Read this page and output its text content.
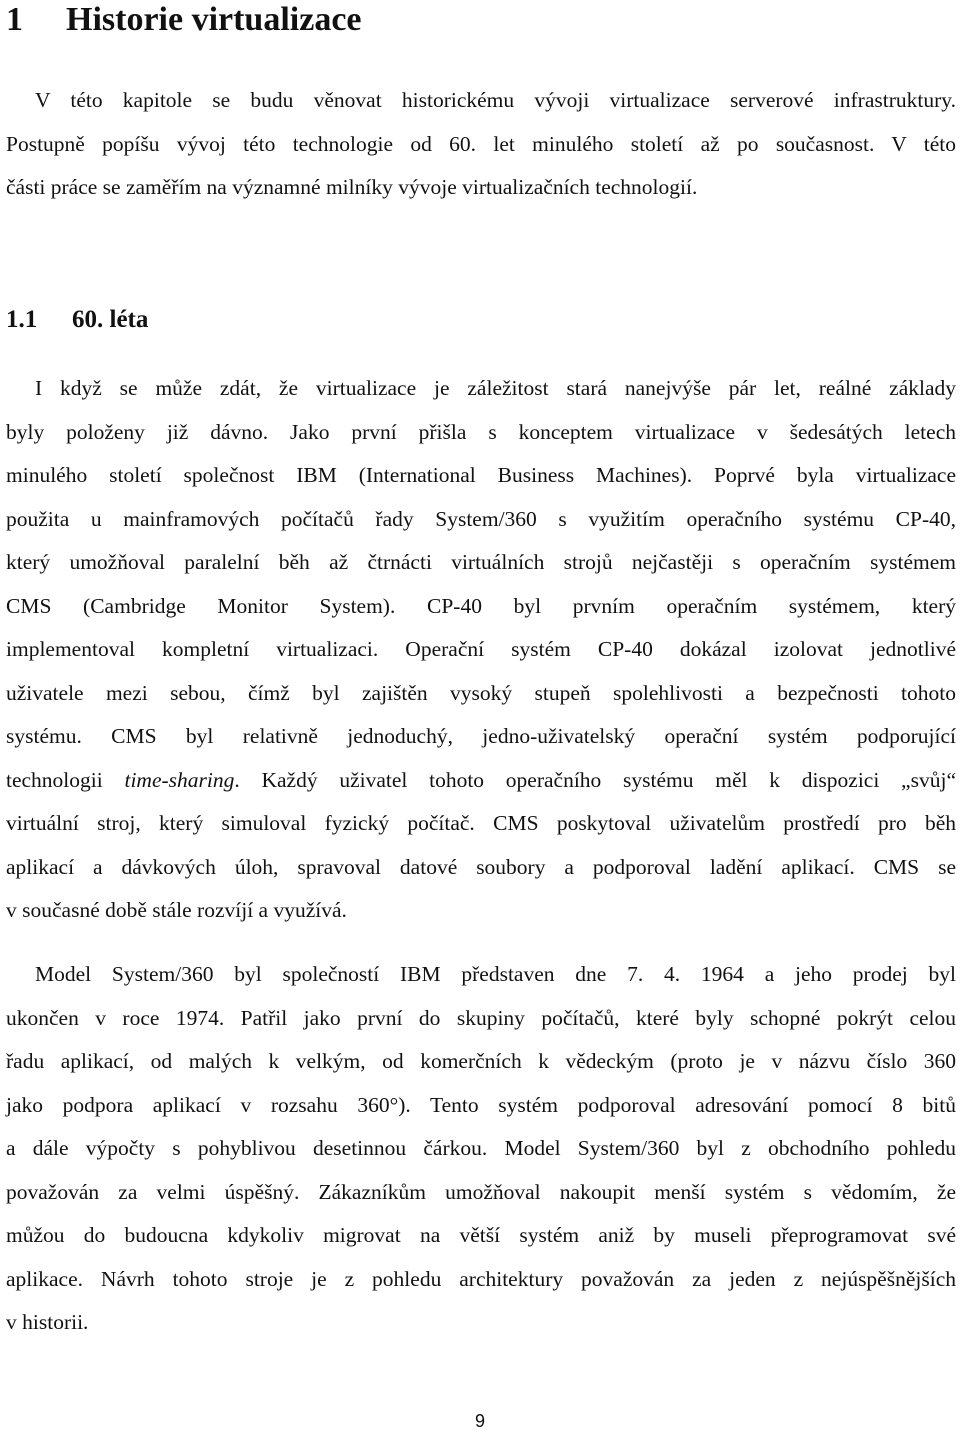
1 Historie virtualizace
V této kapitole se budu věnovat historickému vývoji virtualizace serverové infrastruktury.
Postupně popíšu vývoj této technologie od 60. let minulého století až po současnost. V této
části práce se zaměřím na významné milníky vývoje virtualizačních technologií.
1.1 60. léta
I když se může zdát, že virtualizace je záležitost stará nanejvýše pár let, reálné základy
byly položeny již dávno. Jako první přišla s konceptem virtualizace v šedesátých letech
minulého století společnost IBM (International Business Machines). Poprvé byla virtualizace
použita u mainframových počítačů řady System/360 s využitím operačního systému CP-40,
který umožňoval paralelní běh až čtrnácti virtuálních strojů nejčastěji s operačním systémem
CMS (Cambridge Monitor System). CP-40 byl prvním operačním systémem, který
implementoval kompletní virtualizaci. Operační systém CP-40 dokázal izolovat jednotlivé
uživatele mezi sebou, čímž byl zajištěn vysoký stupeň spolehlivosti a bezpečnosti tohoto
systému. CMS byl relativně jednoduchý, jedno-uživatelský operační systém podporující
technologii time-sharing. Každý uživatel tohoto operačního systému měl k dispozici „svůj“
virtuální stroj, který simuloval fyzický počítač. CMS poskytoval uživatelům prostředí pro běh
aplikací a dávkových úloh, spravoval datové soubory a podporoval ladění aplikací. CMS se
v současné době stále rozvíjí a využívá.
Model System/360 byl společností IBM představen dne 7. 4. 1964 a jeho prodej byl
ukončen v roce 1974. Patřil jako první do skupiny počítačů, které byly schopné pokrýt celou
řadu aplikací, od malých k velkým, od komerčních k vědeckým (proto je v názvu číslo 360
jako podpora aplikací v rozsahu 360°). Tento systém podporoval adresování pomocí 8 bitů
a dále výpočty s pohyblivou desetinnou čárkou. Model System/360 byl z obchodního pohledu
považován za velmi úspěšný. Zákazníkům umožňoval nakoupit menší systém s vědomím, že
můžou do budoucna kdykoliv migrovat na větší systém aniž by museli přeprogramovat své
aplikace. Návrh tohoto stroje je z pohledu architektury považován za jeden z nejúspěšnějších
v historii.
9
